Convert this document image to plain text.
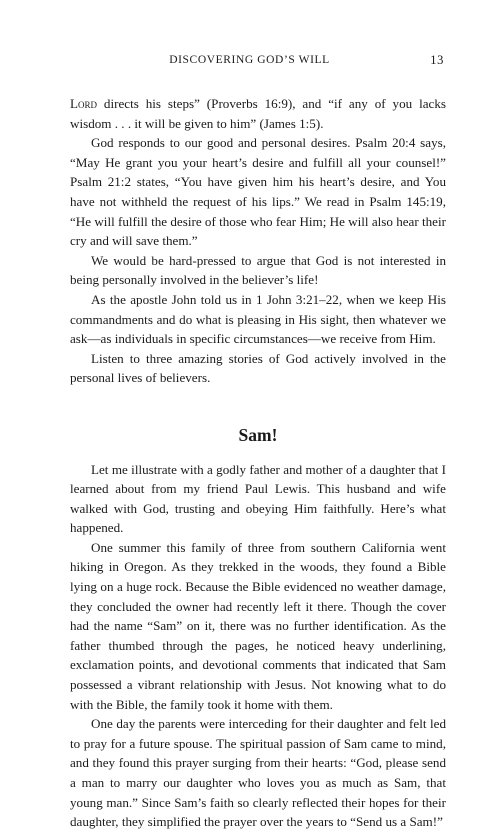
DISCOVERING GOD’S WILL	13

Lord directs his steps” (Proverbs 16:9), and “if any of you lacks wisdom . . . it will be given to him” (James 1:5).

God responds to our good and personal desires. Psalm 20:4 says, “May He grant you your heart’s desire and fulfill all your counsel!” Psalm 21:2 states, “You have given him his heart’s desire, and You have not withheld the request of his lips.” We read in Psalm 145:19, “He will fulfill the desire of those who fear Him; He will also hear their cry and will save them.”

We would be hard-pressed to argue that God is not interested in being personally involved in the believer’s life!

As the apostle John told us in 1 John 3:21–22, when we keep His commandments and do what is pleasing in His sight, then whatever we ask—as individuals in specific circumstances—we receive from Him.

Listen to three amazing stories of God actively involved in the personal lives of believers.

Sam!

Let me illustrate with a godly father and mother of a daughter that I learned about from my friend Paul Lewis. This husband and wife walked with God, trusting and obeying Him faithfully. Here’s what happened.

One summer this family of three from southern California went hiking in Oregon. As they trekked in the woods, they found a Bible lying on a huge rock. Because the Bible evidenced no weather damage, they concluded the owner had recently left it there. Though the cover had the name “Sam” on it, there was no further identification. As the father thumbed through the pages, he noticed heavy underlining, exclamation points, and devotional comments that indicated that Sam possessed a vibrant relationship with Jesus. Not knowing what to do with the Bible, the family took it home with them.

One day the parents were interceding for their daughter and felt led to pray for a future spouse. The spiritual passion of Sam came to mind, and they found this prayer surging from their hearts: “God, please send a man to marry our daughter who loves you as much as Sam, that young man.” Since Sam’s faith so clearly reflected their hopes for their daughter, they simplified the prayer over the years to “Send us a Sam!”
